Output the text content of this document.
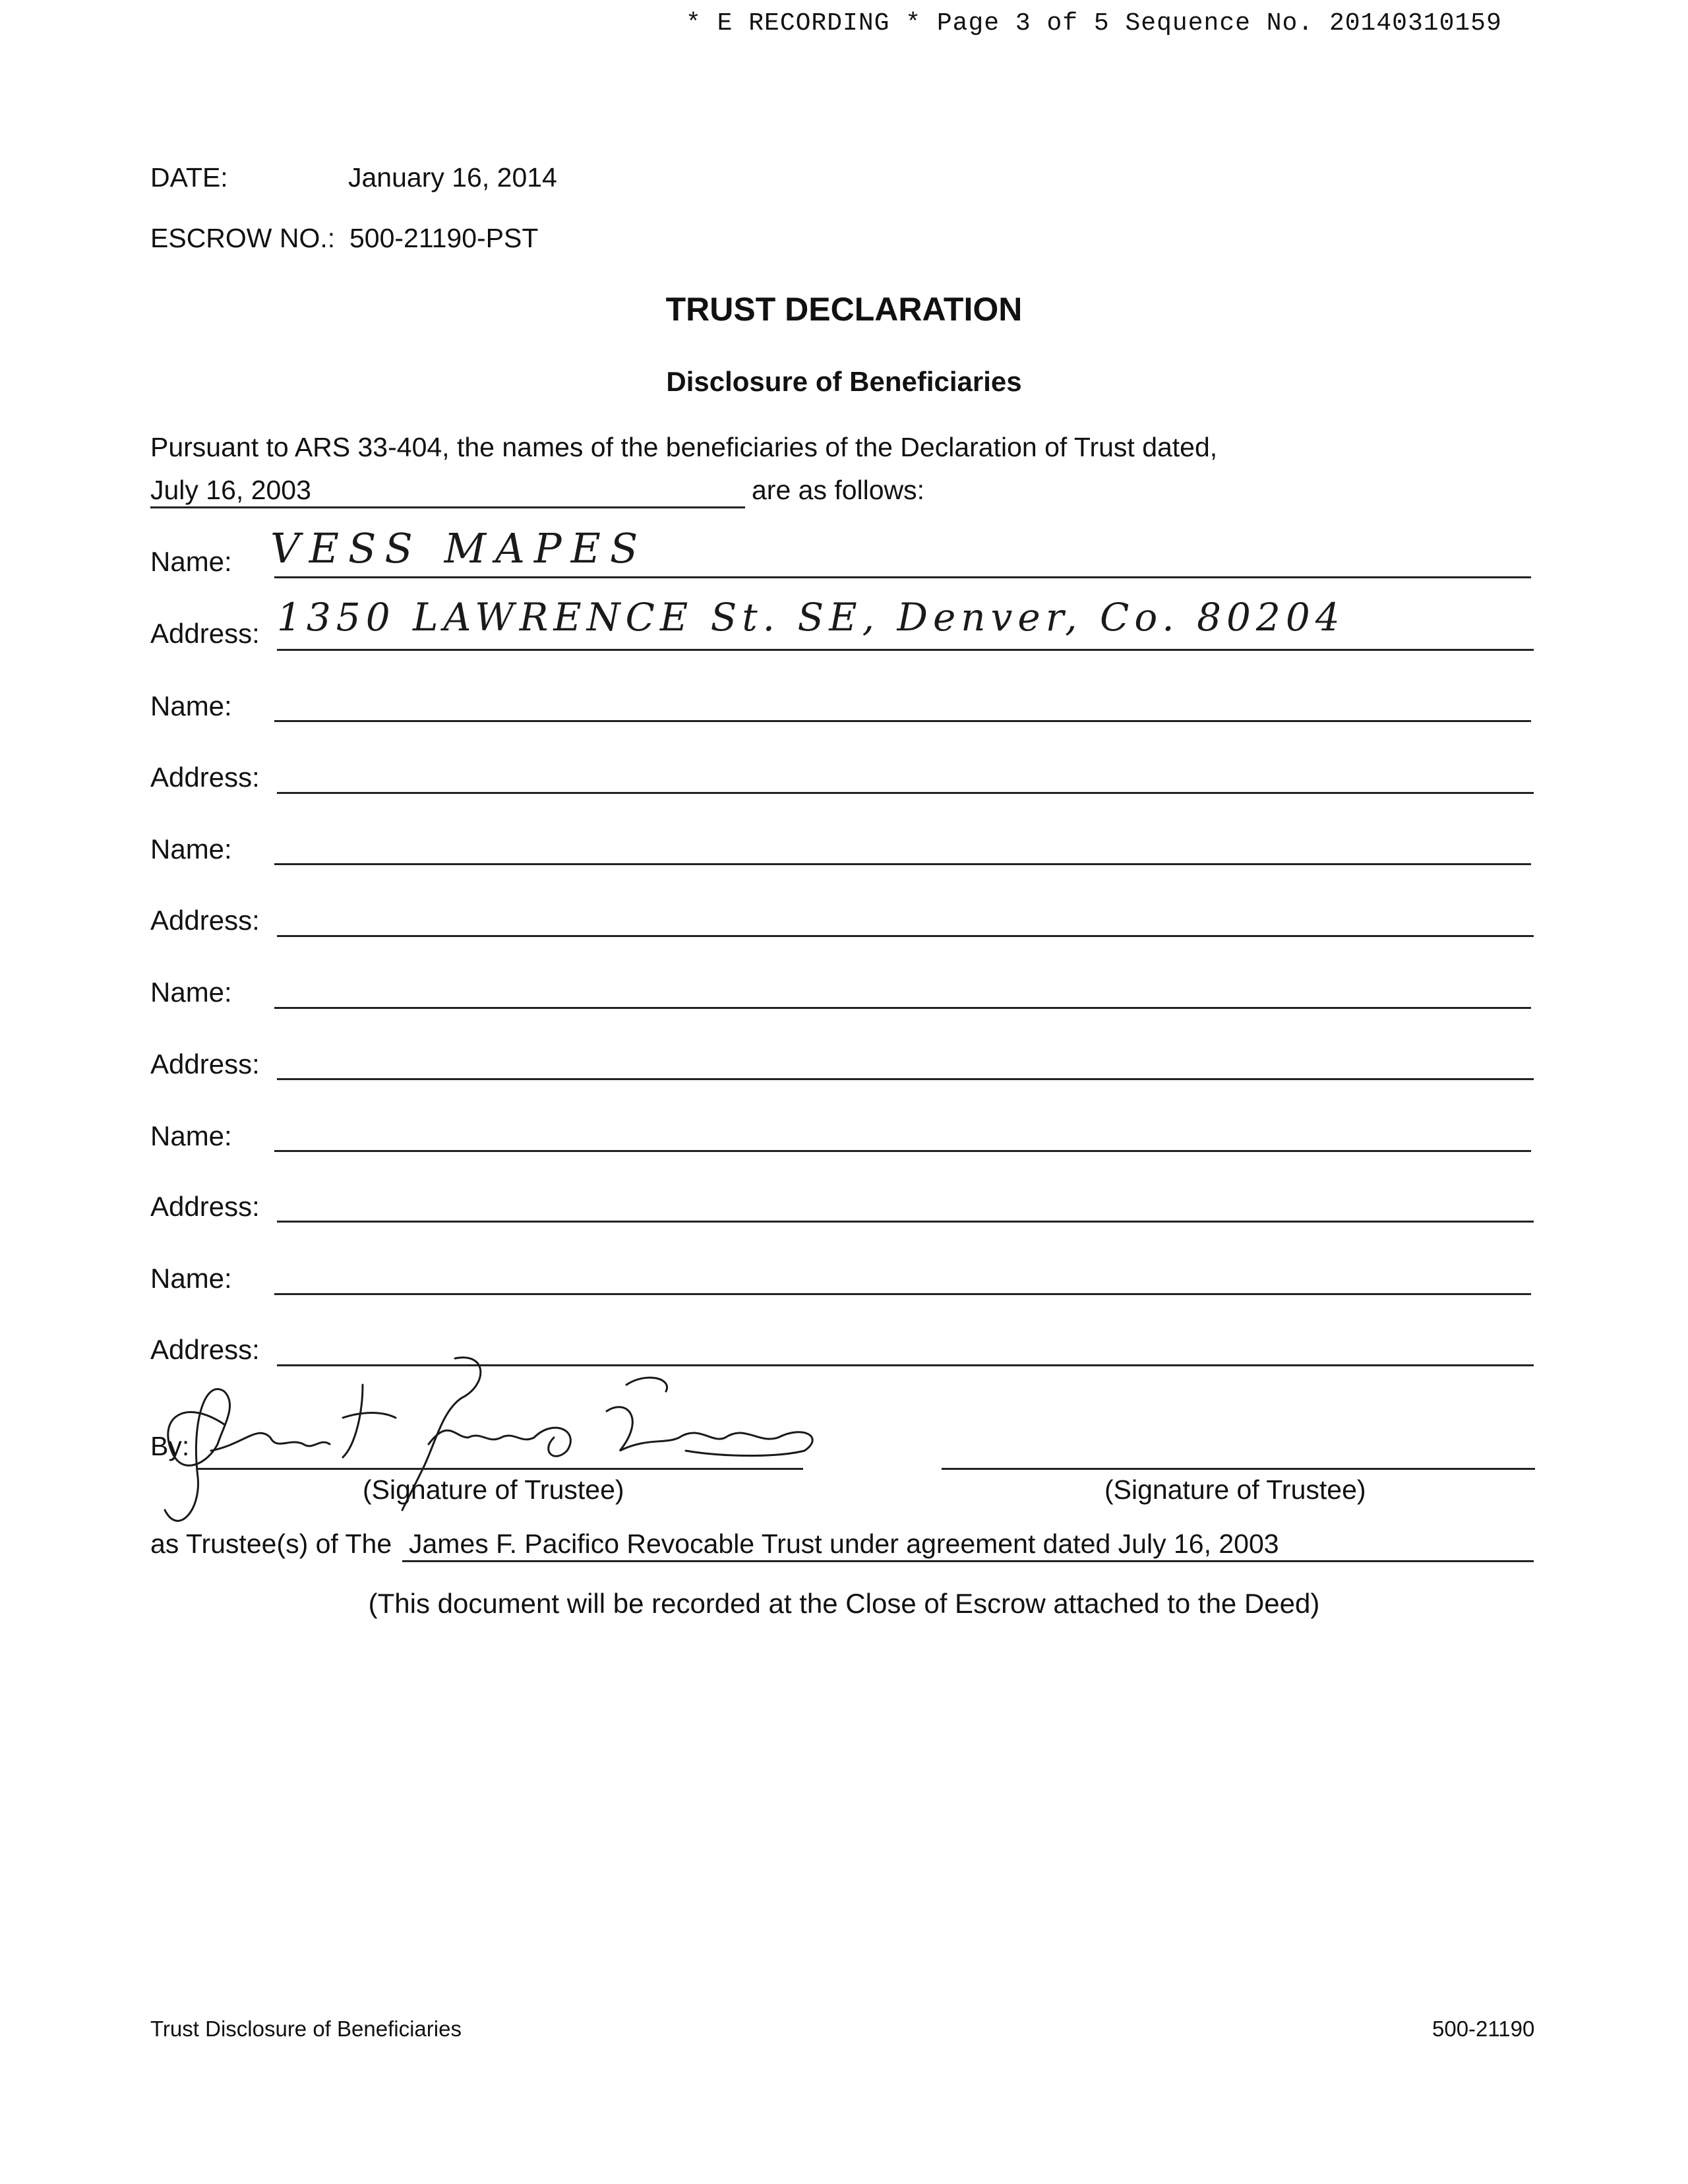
* E RECORDING * Page 3 of 5 Sequence No. 20140310159
DATE:	January 16, 2014
ESCROW NO.: 500-21190-PST
TRUST DECLARATION
Disclosure of Beneficiaries
Pursuant to ARS 33-404, the names of the beneficiaries of the Declaration of Trust dated,
July 16, 2003	are as follows:
Name: VESS MAPES
Address: 1350 LAWRENCE St. SE, Denver, Co. 80204
Name:
Address:
Name:
Address:
Name:
Address:
Name:
Address:
Name:
Address:
By:
James F. Pacifico, Trustee
(Signature of Trustee)	(Signature of Trustee)
as Trustee(s) of The James F. Pacifico Revocable Trust under agreement dated July 16, 2003
(This document will be recorded at the Close of Escrow attached to the Deed)
Trust Disclosure of Beneficiaries	500-21190
